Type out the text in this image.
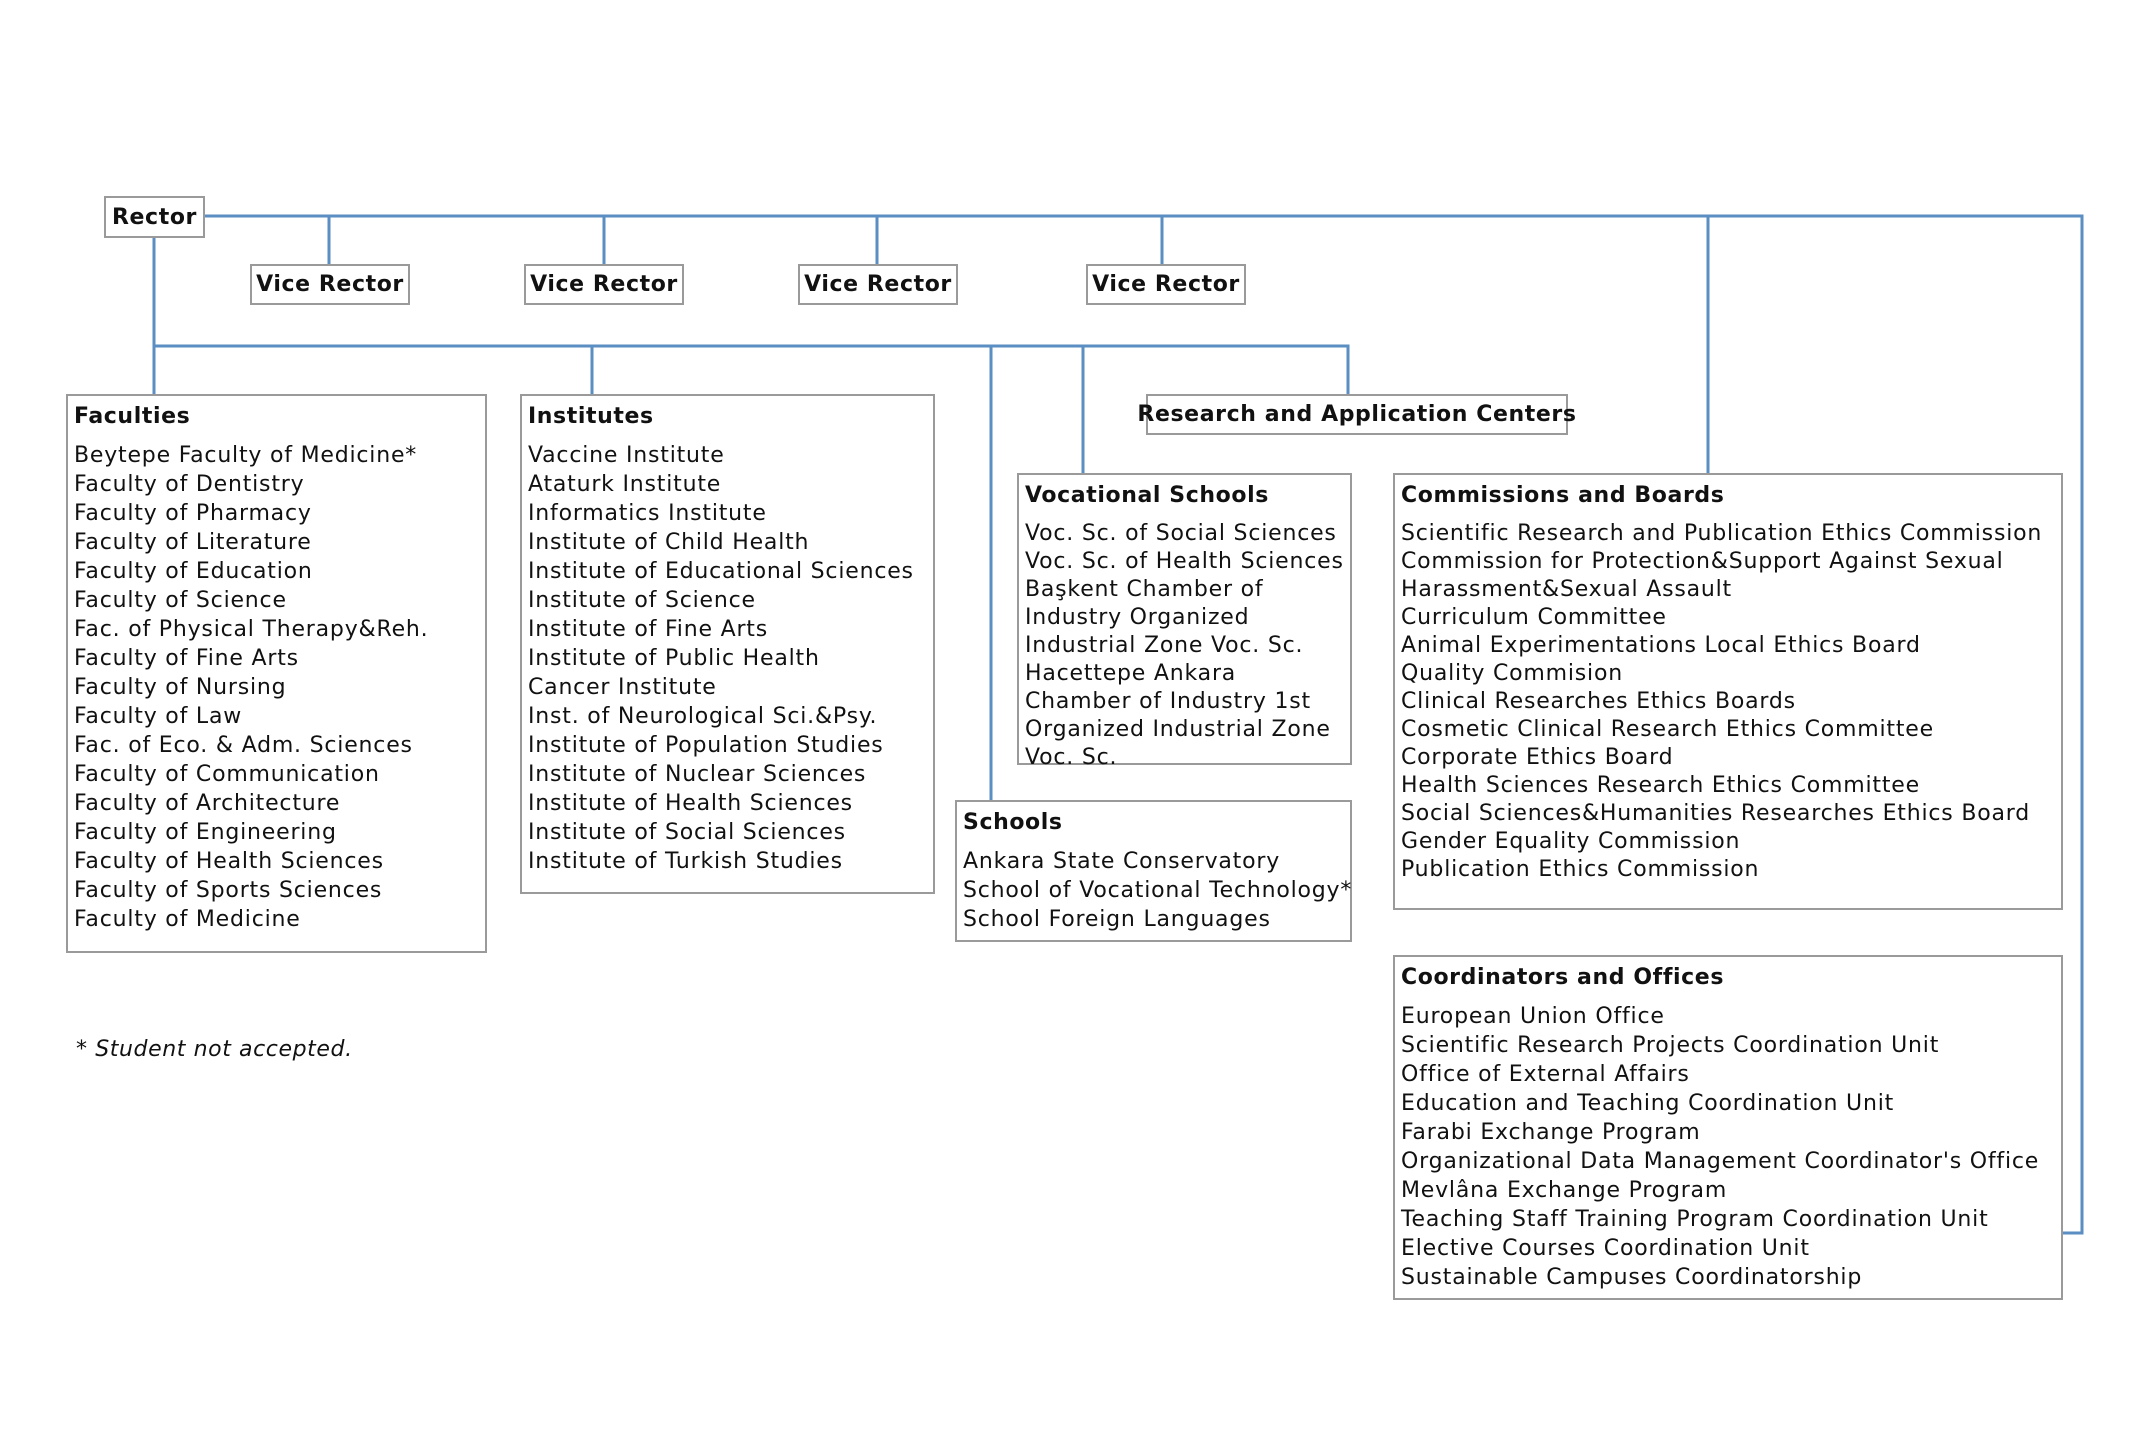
Rector
Vice Rector	Vice Rector	Vice Rector	Vice Rector
Research and Application Centers
Faculties
Beytepe Faculty of Medicine*
Faculty of Dentistry
Faculty of Pharmacy
Faculty of Literature
Faculty of Education
Faculty of Science
Fac. of Physical Therapy&Reh.
Faculty of Fine Arts
Faculty of Nursing
Faculty of Law
Fac. of Eco. & Adm. Sciences
Faculty of Communication
Faculty of Architecture
Faculty of Engineering
Faculty of Health Sciences
Faculty of Sports Sciences
Faculty of Medicine
Institutes
Vaccine Institute
Ataturk Institute
Informatics Institute
Institute of Child Health
Institute of Educational Sciences
Institute of Science
Institute of Fine Arts
Institute of Public Health
Cancer Institute
Inst. of Neurological Sci.&Psy.
Institute of Population Studies
Institute of Nuclear Sciences
Institute of Health Sciences
Institute of Social Sciences
Institute of Turkish Studies
Vocational Schools
Voc. Sc. of Social Sciences
Voc. Sc. of Health Sciences
Başkent Chamber of Industry Organized Industrial Zone Voc. Sc.
Hacettepe Ankara Chamber of Industry 1st Organized Industrial Zone Voc. Sc.
Schools
Ankara State Conservatory
School of Vocational Technology*
School Foreign Languages
Commissions and Boards
Scientific Research and Publication Ethics Commission
Commission for Protection&Support Against Sexual Harassment&Sexual Assault
Curriculum Committee
Animal Experimentations Local Ethics Board
Quality Commision
Clinical Researches Ethics Boards
Cosmetic Clinical Research Ethics Committee
Corporate Ethics Board
Health Sciences Research Ethics Committee
Social Sciences&Humanities Researches Ethics Board
Gender Equality Commission
Publication Ethics Commission
Coordinators and Offices
European Union Office
Scientific Research Projects Coordination Unit
Office of External Affairs
Education and Teaching Coordination Unit
Farabi Exchange Program
Organizational Data Management Coordinator's Office
Mevlâna Exchange Program
Teaching Staff Training Program Coordination Unit
Elective Courses Coordination Unit
Sustainable Campuses Coordinatorship
* Student not accepted.
